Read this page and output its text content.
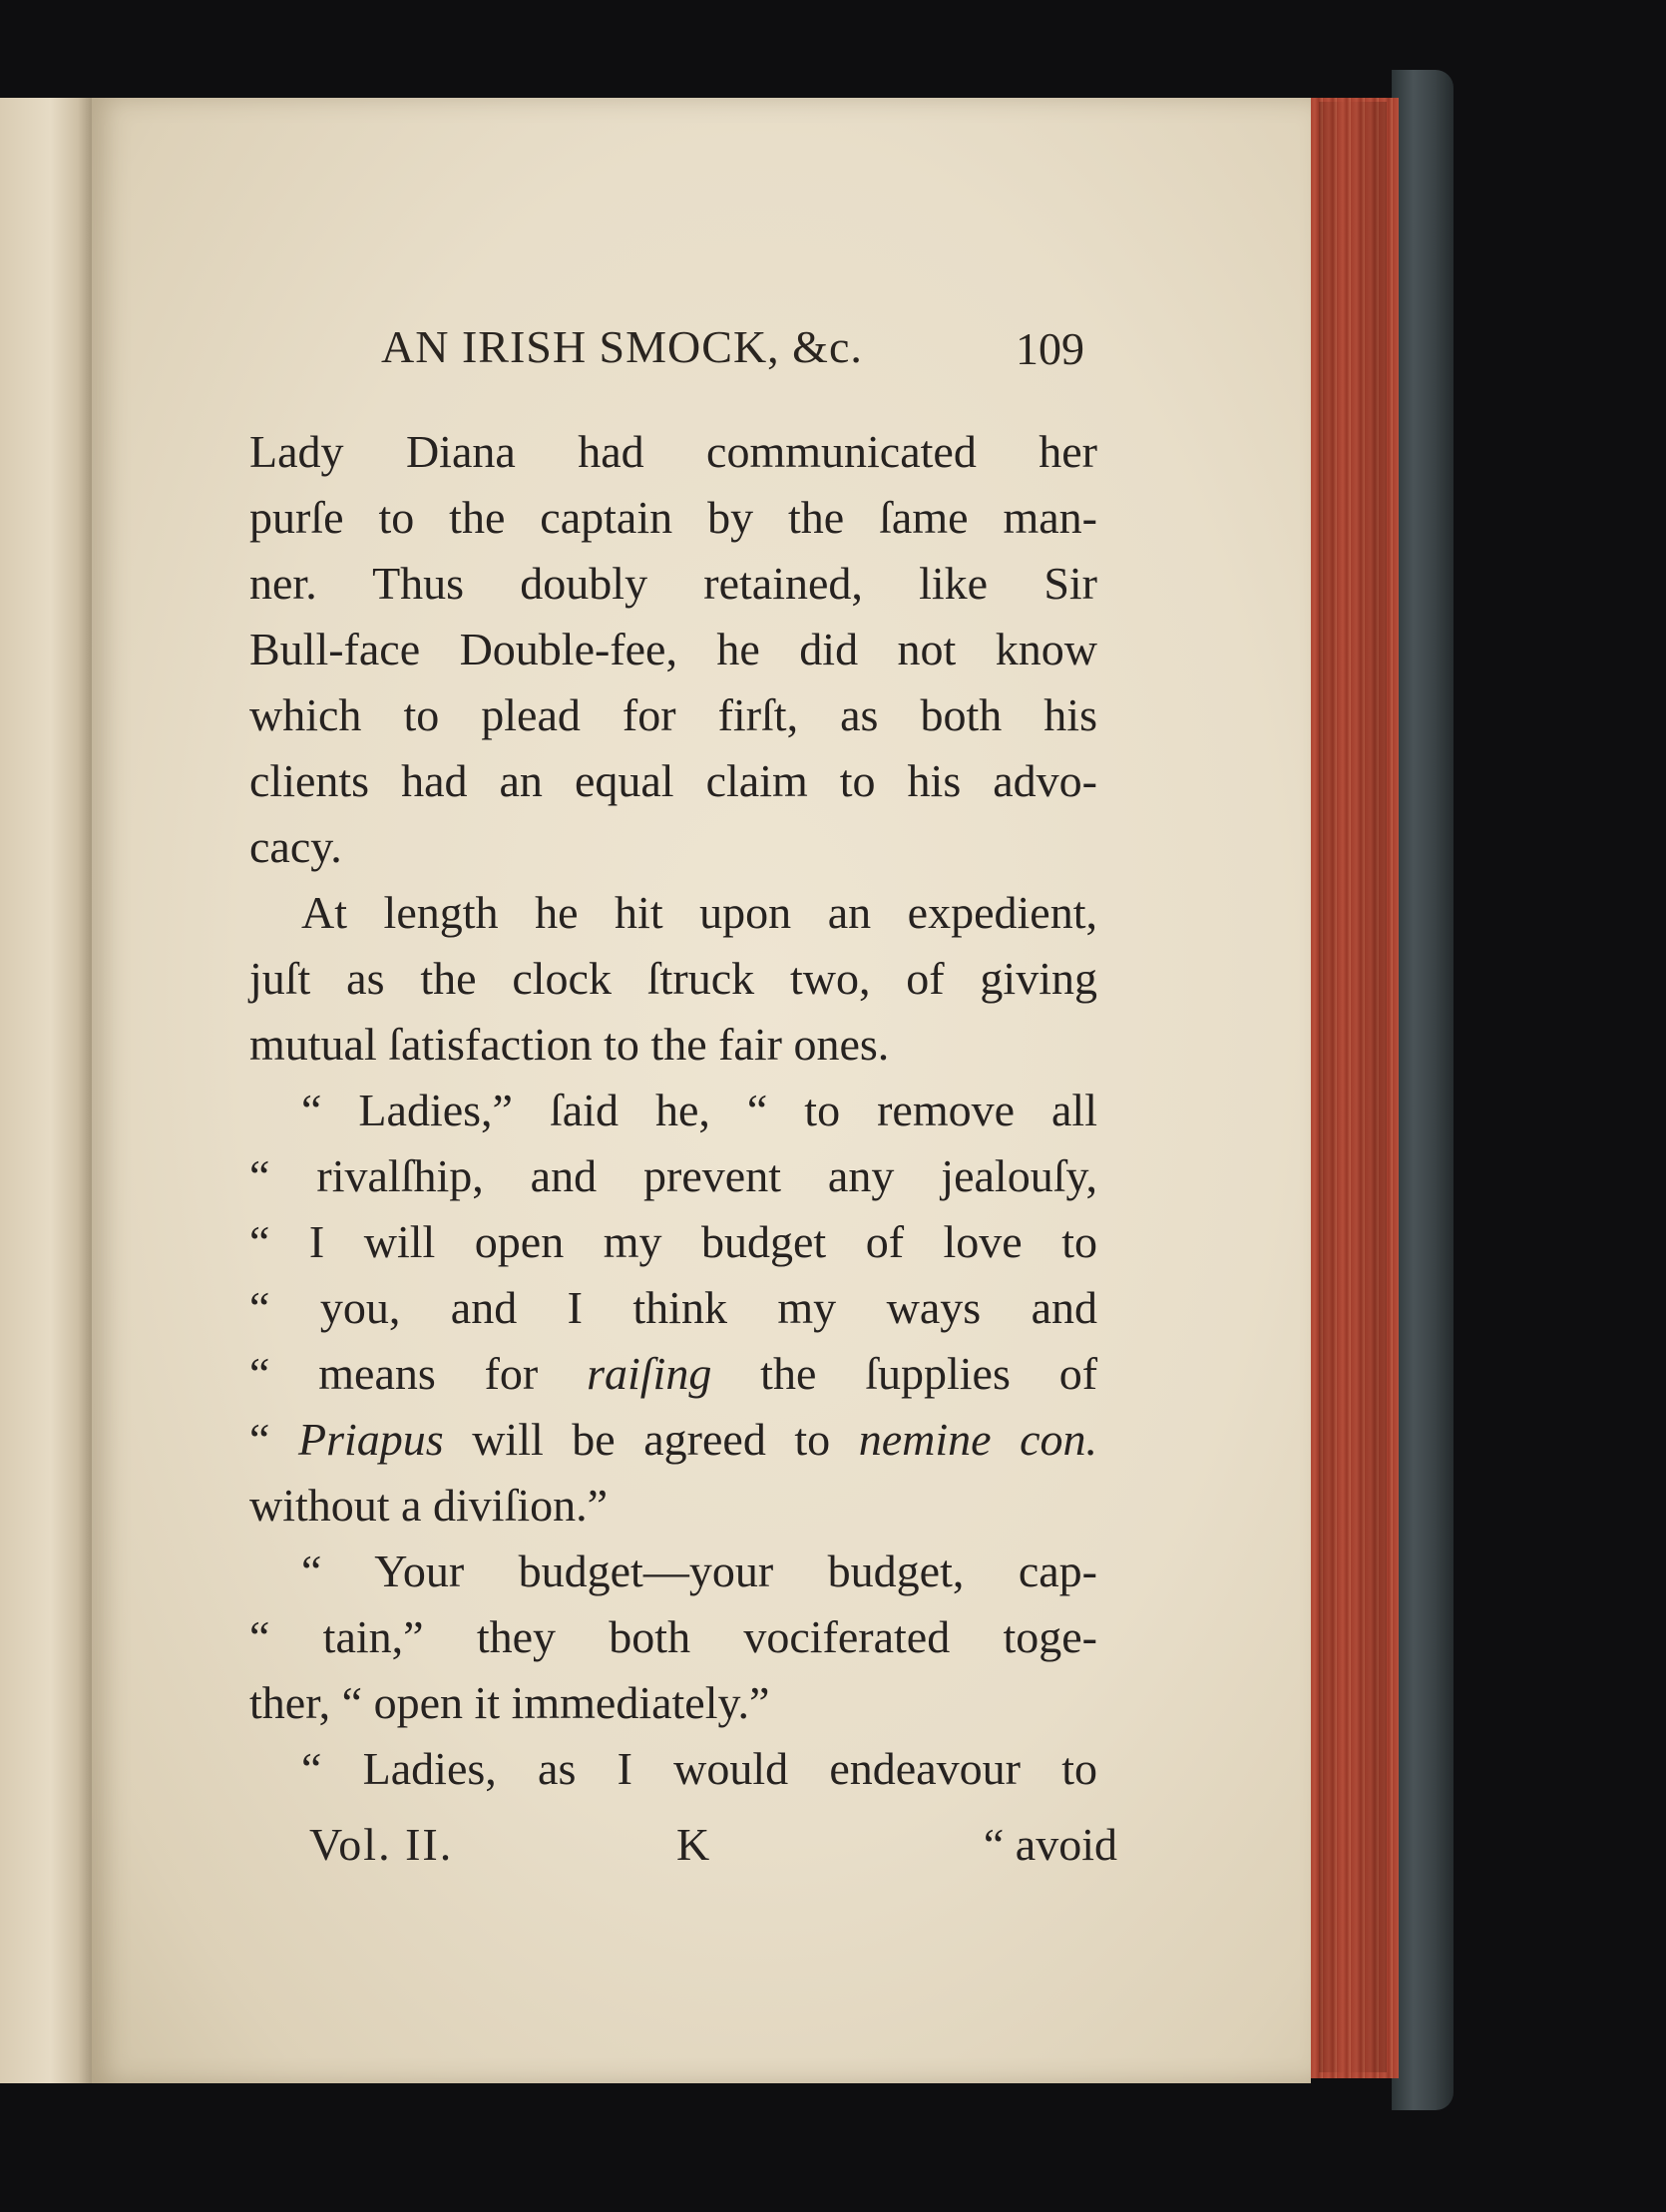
AN IRISH SMOCK, &c.	109
Lady Diana had communicated her
purſe to the captain by the ſame man-
ner. Thus doubly retained, like Sir
Bull-face Double-fee, he did not know
which to plead for firſt, as both his
clients had an equal claim to his advo-
cacy.
At length he hit upon an expedient,
juſt as the clock ſtruck two, of giving
mutual ſatisfaction to the fair ones.
“ Ladies,” ſaid he, “ to remove all
“ rivalſhip, and prevent any jealouſy,
“ I will open my budget of love to
“ you, and I think my ways and
“ means for raiſing the ſupplies of
“ Priapus will be agreed to nemine con.
without a diviſion.”
“ Your budget—your budget, cap-
“ tain,” they both vociferated toge-
ther, “ open it immediately.”
“ Ladies, as I would endeavour to
Vol. II.	K	“ avoid
